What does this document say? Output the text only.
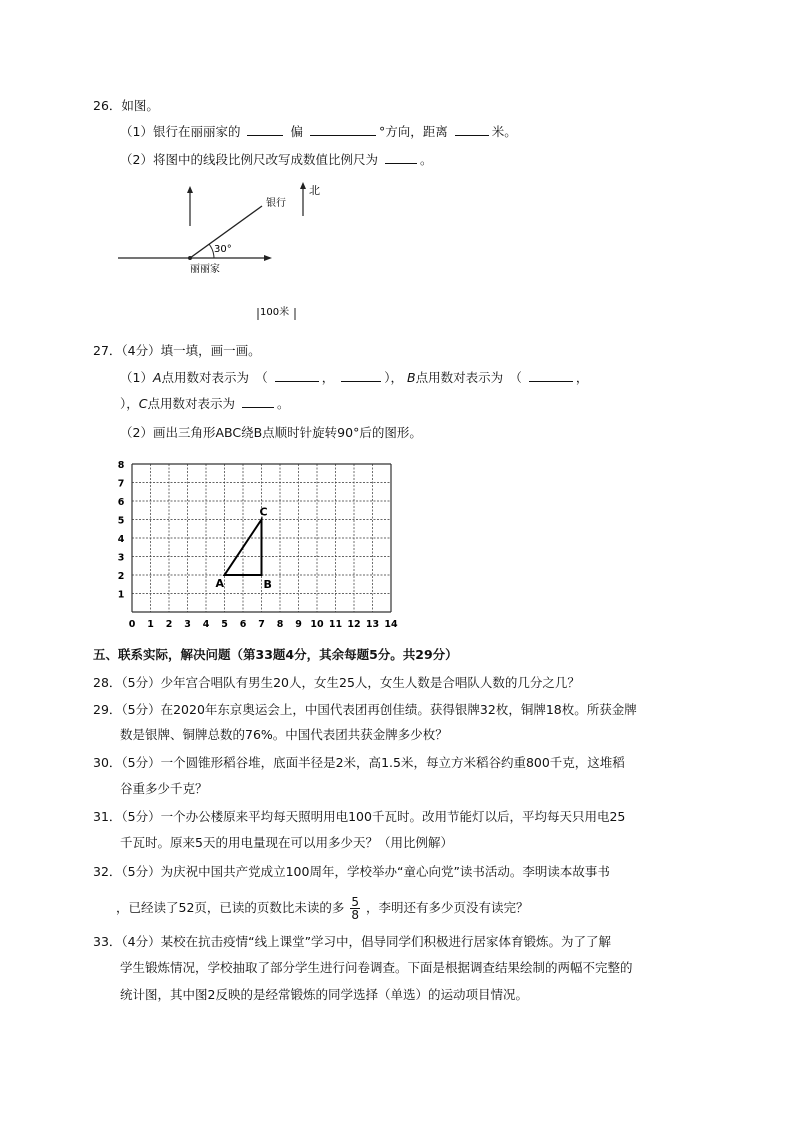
26．如图。
（1）银行在丽丽家的	偏	°方向，距离	米。
（2）将图中的线段比例尺改写成数值比例尺为	。
北
银行
30°
丽丽家
100米
27．（4分）填一填，画一画。
（1）A点用数对表示为　（	，	）， B点用数对表示为　（	，
），C点用数对表示为	。
（2）画出三角形ABC绕B点顺时针旋转90°后的图形。
0 1 2 3 4 5 6 7 8 9 10 11 12 13 14
1
2
3
4
5
6
7
8
A	B
C
五、联系实际，解决问题（第33题4分，其余每题5分。共29分）
28．（5分）少年宫合唱队有男生20人，女生25人，女生人数是合唱队人数的几分之几？
29．（5分）在2020年东京奥运会上，中国代表团再创佳绩。获得银牌32枚，铜牌18枚。所获金牌
数是银牌、铜牌总数的76%。中国代表团共获金牌多少枚？
30．（5分）一个圆锥形稻谷堆，底面半径是2米，高1.5米，每立方米稻谷约重800千克，这堆稻
谷重多少千克？
31．（5分）一个办公楼原来平均每天照明用电100千瓦时。改用节能灯以后，平均每天只用电25
千瓦时。原来5天的用电量现在可以用多少天？（用比例解）
32．（5分）为庆祝中国共产党成立100周年，学校举办“童心向党”读书活动。李明读本故事书
，已经读了52页，已读的页数比未读的多 $\frac{5}{8}$ ，李明还有多少页没有读完？
33．（4分）某校在抗击疫情“线上课堂”学习中，倡导同学们积极进行居家体育锻炼。为了了解
学生锻炼情况，学校抽取了部分学生进行问卷调查。下面是根据调查结果绘制的两幅不完整的
统计图，其中图2反映的是经常锻炼的同学选择（单选）的运动项目情况。
